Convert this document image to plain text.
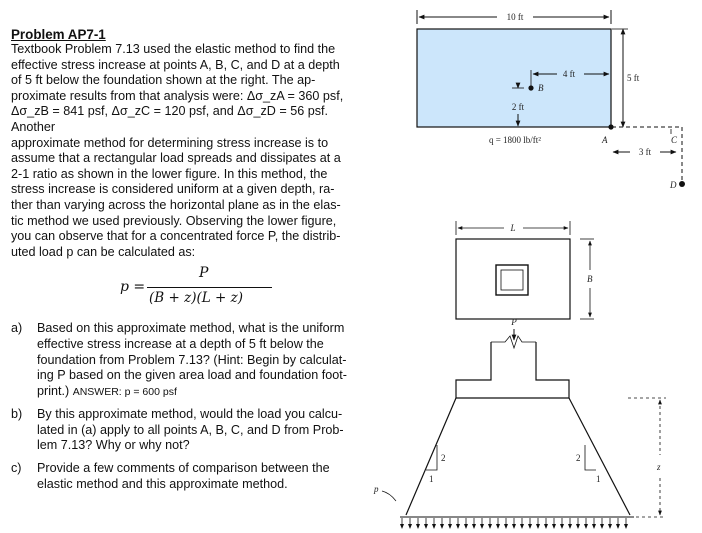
Problem AP7-1
Textbook Problem 7.13 used the elastic method to find the
effective stress increase at points A, B, C, and D at a depth
of 5 ft below the foundation shown at the right. The ap-
proximate results from that analysis were: Δσ_zA = 360 psf,
Δσ_zB = 841 psf, Δσ_zC = 120 psf, and Δσ_zD = 56 psf. Another
approximate method for determining stress increase is to
assume that a rectangular load spreads and dissipates at a
2-1 ratio as shown in the lower figure. In this method, the
stress increase is considered uniform at a given depth, ra-
ther than varying across the horizontal plane as in the elas-
tic method we used previously. Observing the lower figure,
you can observe that for a concentrated force P, the distrib-
uted load p can be calculated as:
p =
P
(B + z)(L + z)
a) Based on this approximate method, what is the uniform
effective stress increase at a depth of 5 ft below the
foundation from Problem 7.13? (Hint: Begin by calculat-
ing P based on the given area load and foundation foot-
print.) ANSWER: p = 600 psf
b) By this approximate method, would the load you calcu-
lated in (a) apply to all points A, B, C, and D from Prob-
lem 7.13? Why or why not?
c) Provide a few comments of comparison between the
elastic method and this approximate method.
10 ft
5 ft
4 ft
B
2 ft
q = 1800 lb/ft²	A	C
3 ft
D
L
B
P
2
1
2
1
p
z
